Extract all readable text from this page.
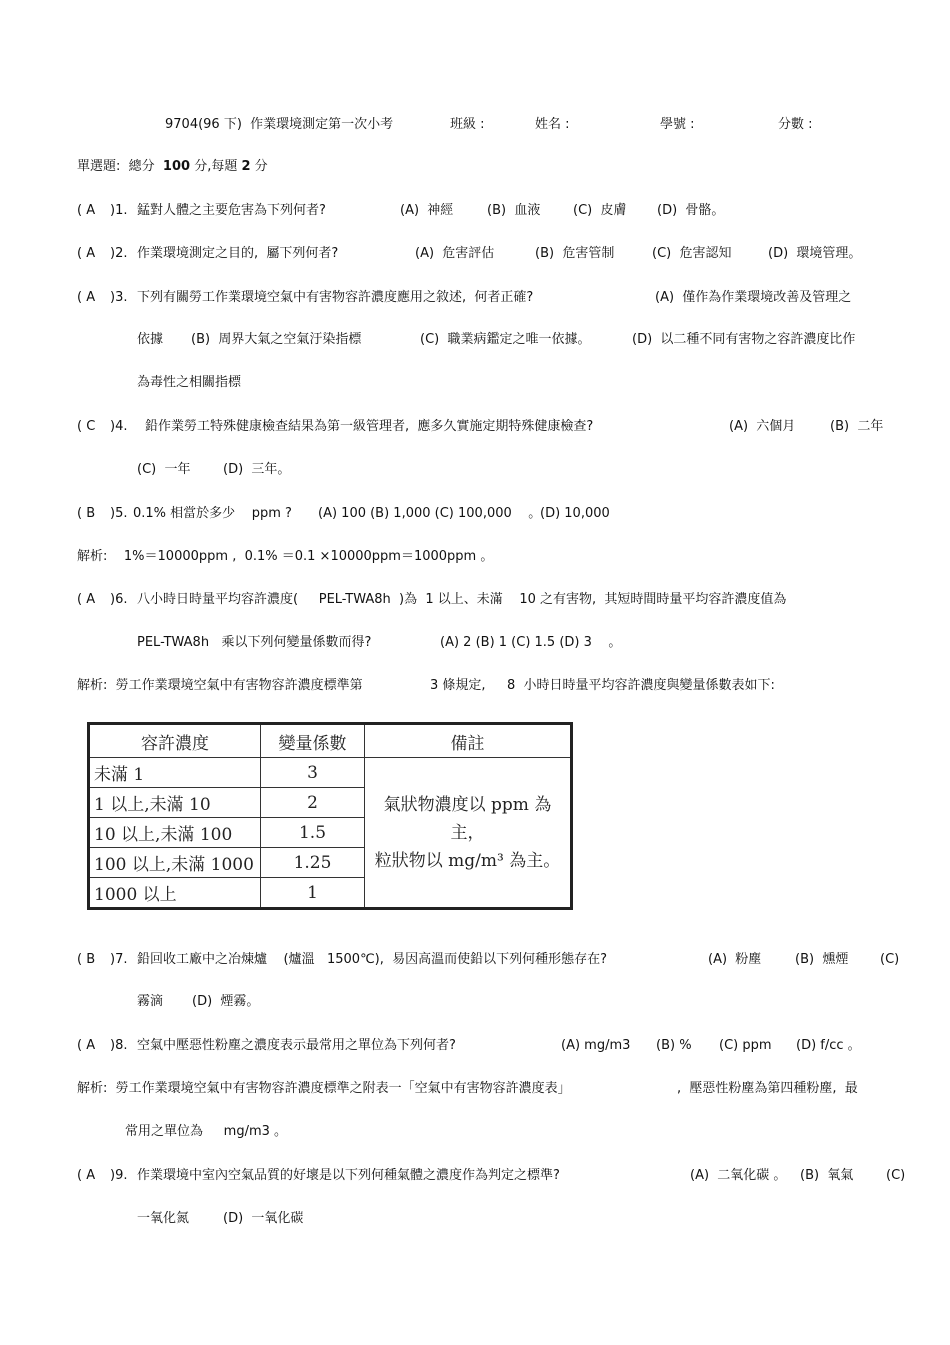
9704(96 下)  作業環境測定第一次小考	班級 :	姓名 :	學號 :	分數 :
單選題:  總分 100 分,每題 2 分
( A )1. 錳對人體之主要危害為下列何者?	(A)  神經	(B)  血液	(C)  皮膚 (D)  骨骼。
( A )2. 作業環境測定之目的,  屬下列何者?	(A)  危害評估	(B)  危害管制	(C)  危害認知	(D)  環境管理。
( A )3. 下列有關勞工作業環境空氣中有害物容許濃度應用之敘述,  何者正確?	(A)  僅作為作業環境改善及管理之
依據 (B)  周界大氣之空氣汙染指標	(C)  職業病鑑定之唯一依據。	(D)  以二種不同有害物之容許濃度比作
為毒性之相關指標
( C )4. 鉛作業勞工特殊健康檢查結果為第一級管理者,  應多久實施定期特殊健康檢查?	(A)  六個月	(B)  二年
(C)  一年	(D)  三年。
( B )5. 0.1% 相當於多少    ppm ? (A) 100 (B) 1,000 (C) 100,000    。
(D) 10,000
解析:    1%＝10000ppm ,  0.1% ＝0.1 ×10000ppm＝1000ppm 。
( A )6. 八小時日時量平均容許濃度(     PEL-TWA8h  )為  1 以上、未滿    10 之有害物,  其短時間時量平均容許濃度值為
PEL-TWA8h   乘以下列何變量係數而得?	(A) 2 (B) 1 (C) 1.5 (D) 3    。
解析:  勞工作業環境空氣中有害物容許濃度標準第	3 條規定, 8  小時日時量平均容許濃度與變量係數表如下:
容許濃度	變量係數	備註
未滿 1	3	氣狀物濃度以 ppm 為主，
粒狀物以 mg/m³ 為主。

1 以上,未滿 10	2	
10 以上,未滿 100	1.5	
100 以上,未滿 1000	1.25	
1000 以上	1	
( B )7. 鉛回收工廠中之冶煉爐    (爐溫   1500℃),  易因高溫而使鉛以下列何種形態存在?	(A)  粉塵	(B)  燻煙 (C)
霧滴 (D)  煙霧。
( A )8. 空氣中壓惡性粉塵之濃度表示最常用之單位為下列何者?	(A) mg/m3 (B) % (C) ppm (D) f/cc 。
解析:  勞工作業環境空氣中有害物容許濃度標準之附表一「空氣中有害物容許濃度表」	,  壓惡性粉塵為第四種粉塵,  最
常用之單位為     mg/m3 。
( A )9. 作業環境中室內空氣品質的好壞是以下列何種氣體之濃度作為判定之標準?	(A)  二氧化碳 。 (B)  氧氣	(C)
一氧化氮	(D)  一氧化碳
